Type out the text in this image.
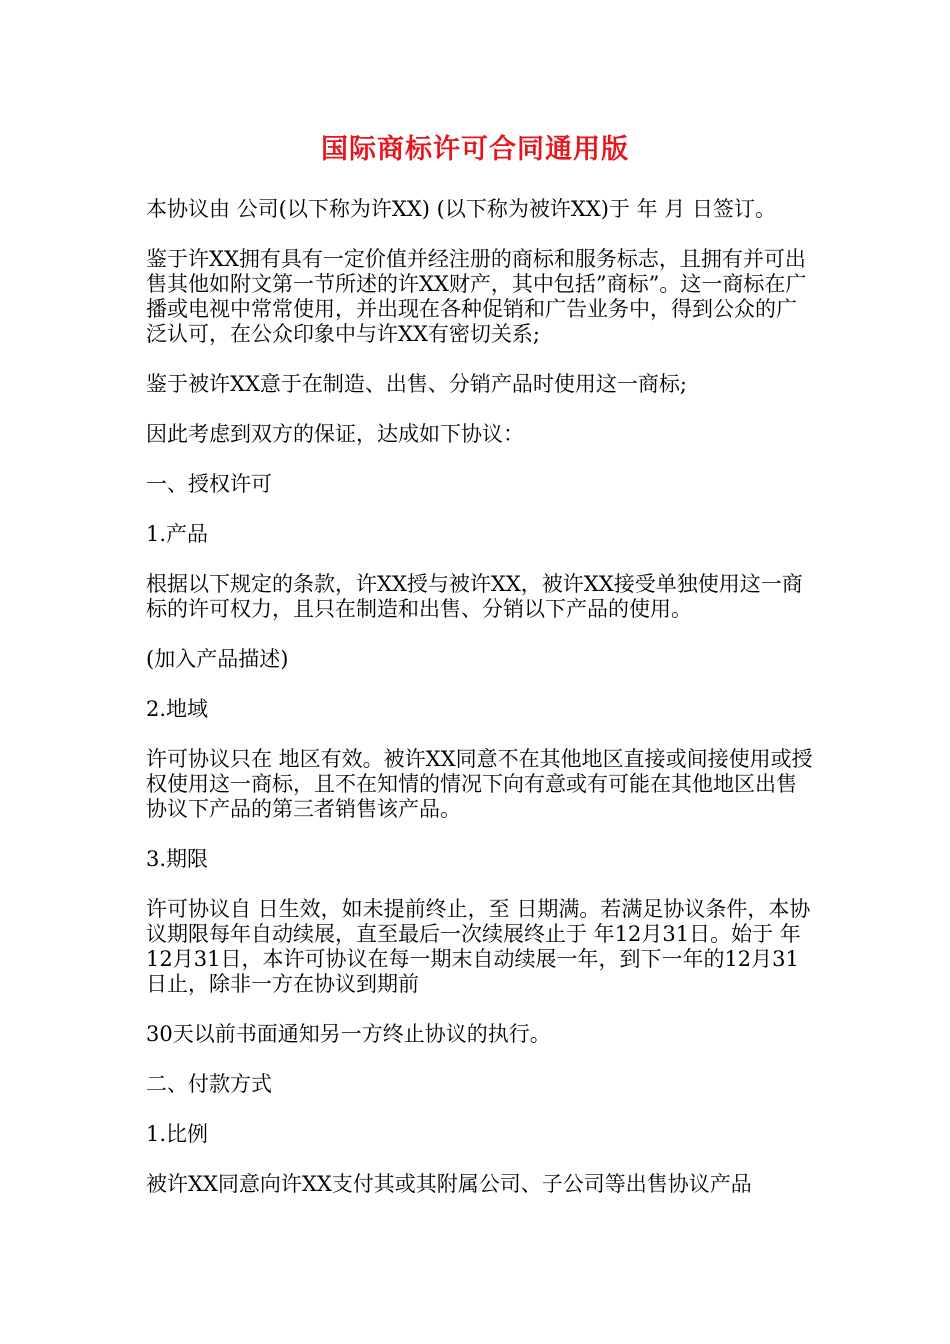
国际商标许可合同通用版

本协议由 公司(以下称为许XX) (以下称为被许XX)于 年 月 日签订。

鉴于许XX拥有具有一定价值并经注册的商标和服务标志，且拥有并可出售其他如附文第一节所述的许XX财产，其中包括”商标”。这一商标在广播或电视中常常使用，并出现在各种促销和广告业务中，得到公众的广泛认可，在公众印象中与许XX有密切关系;

鉴于被许XX意于在制造、出售、分销产品时使用这一商标;

因此考虑到双方的保证，达成如下协议：

一、授权许可

1.产品

根据以下规定的条款，许XX授与被许XX，被许XX接受单独使用这一商标的许可权力，且只在制造和出售、分销以下产品的使用。

(加入产品描述)

2.地域

许可协议只在 地区有效。被许XX同意不在其他地区直接或间接使用或授权使用这一商标，且不在知情的情况下向有意或有可能在其他地区出售协议下产品的第三者销售该产品。

3.期限

许可协议自 日生效，如未提前终止，至 日期满。若满足协议条件，本协议期限每年自动续展，直至最后一次续展终止于 年12月31日。始于 年12月31日，本许可协议在每一期末自动续展一年，到下一年的12月31日止，除非一方在协议到期前

30天以前书面通知另一方终止协议的执行。

二、付款方式

1.比例

被许XX同意向许XX支付其或其附属公司、子公司等出售协议产品
